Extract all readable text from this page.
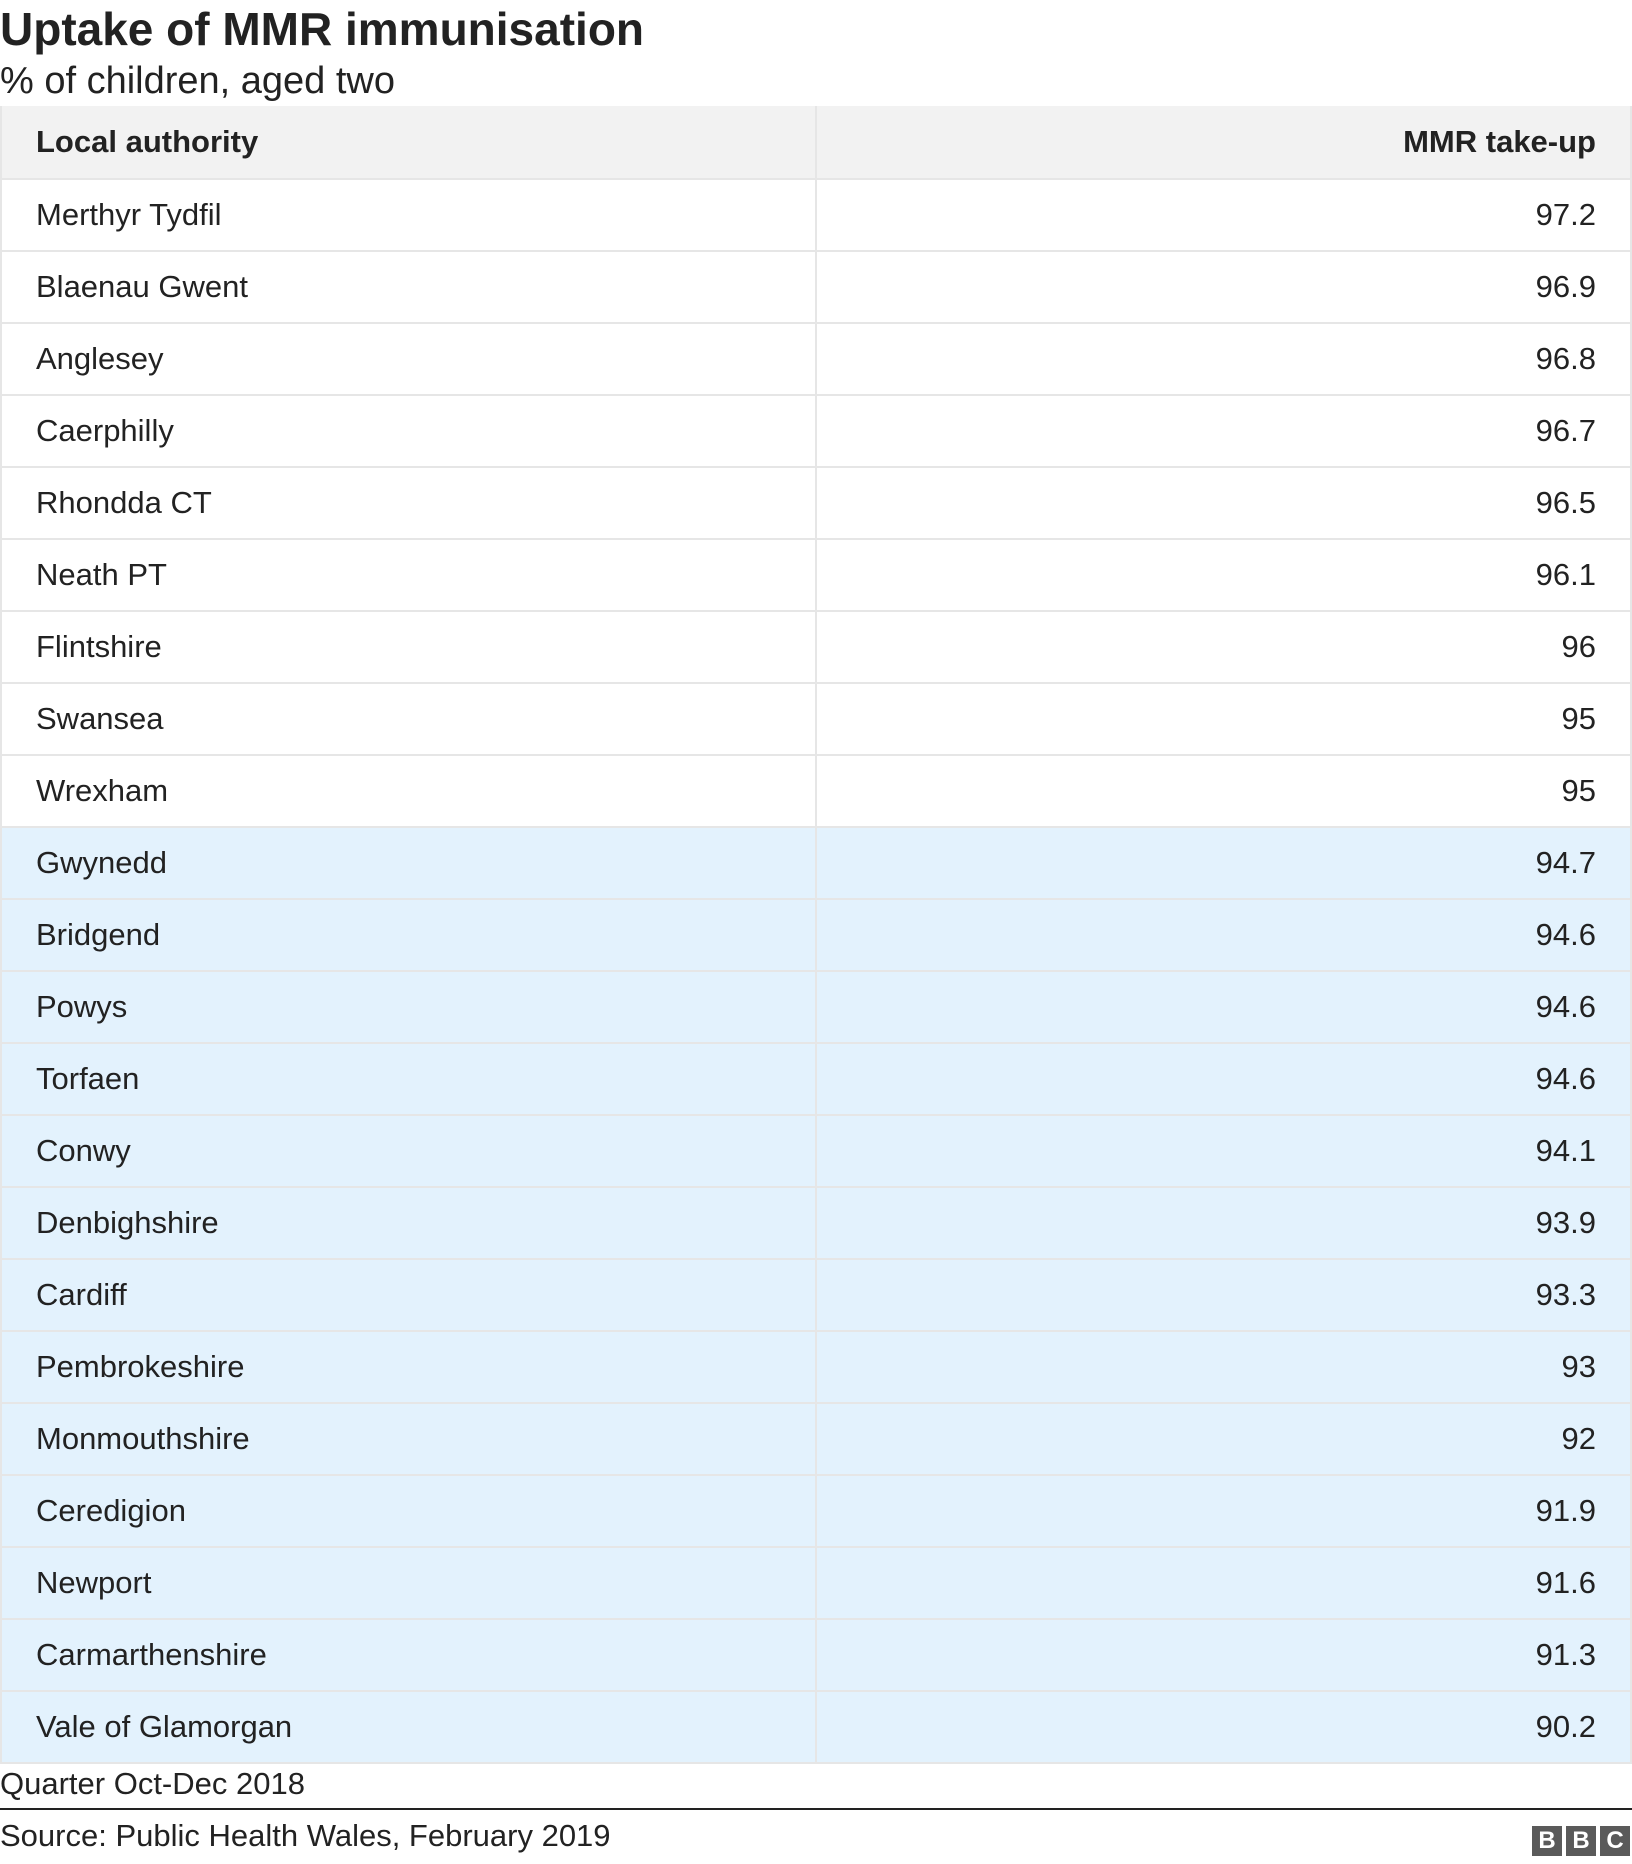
Uptake of MMR immunisation
% of children, aged two
Local authority	MMR take-up
Merthyr Tydfil	97.2
Blaenau Gwent	96.9
Anglesey	96.8
Caerphilly	96.7
Rhondda CT	96.5
Neath PT	96.1
Flintshire	96
Swansea	95
Wrexham	95
Gwynedd	94.7
Bridgend	94.6
Powys	94.6
Torfaen	94.6
Conwy	94.1
Denbighshire	93.9
Cardiff	93.3
Pembrokeshire	93
Monmouthshire	92
Ceredigion	91.9
Newport	91.6
Carmarthenshire	91.3
Vale of Glamorgan	90.2
Quarter Oct-Dec 2018
Source: Public Health Wales, February 2019	B B C
